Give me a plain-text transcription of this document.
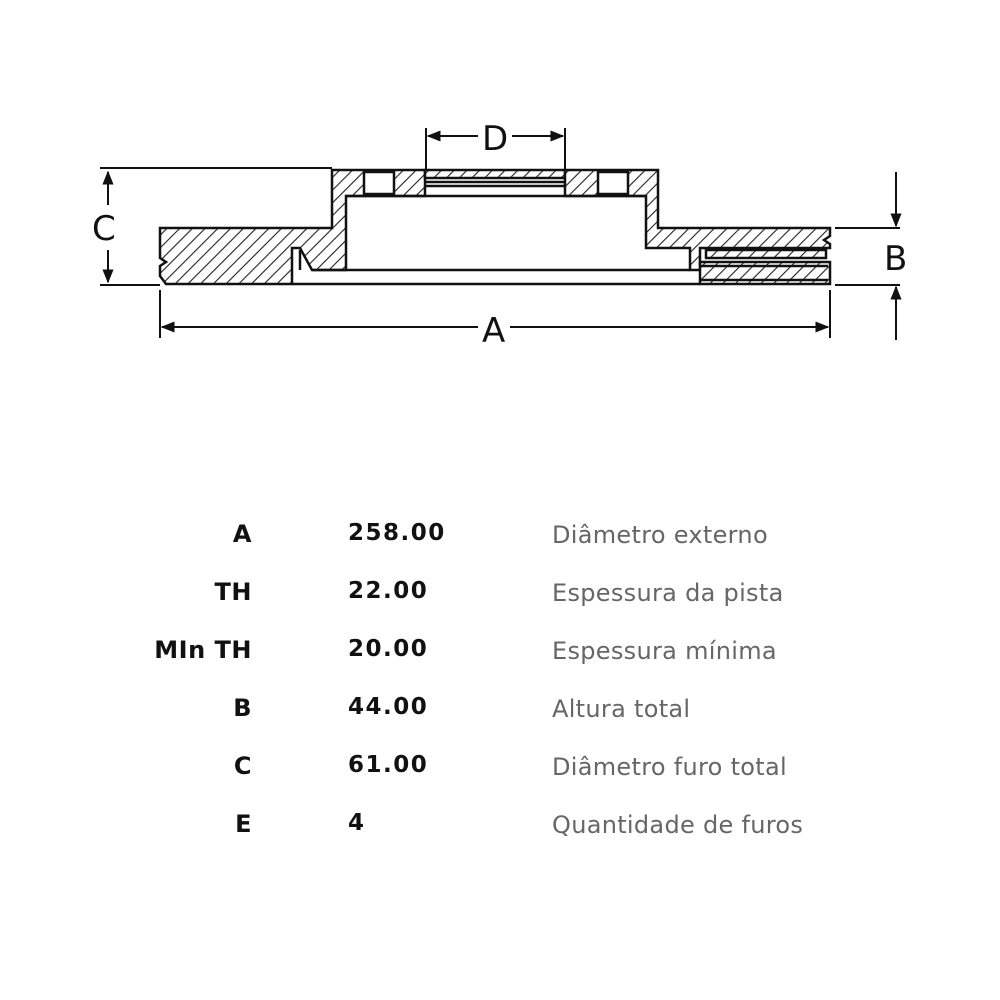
C
D
B
A
A	258.00	Diâmetro externo
TH	22.00	Espessura da pista
MIn TH	20.00	Espessura mínima
B	44.00	Altura total
C	61.00	Diâmetro furo total
E	4	Quantidade de furos
